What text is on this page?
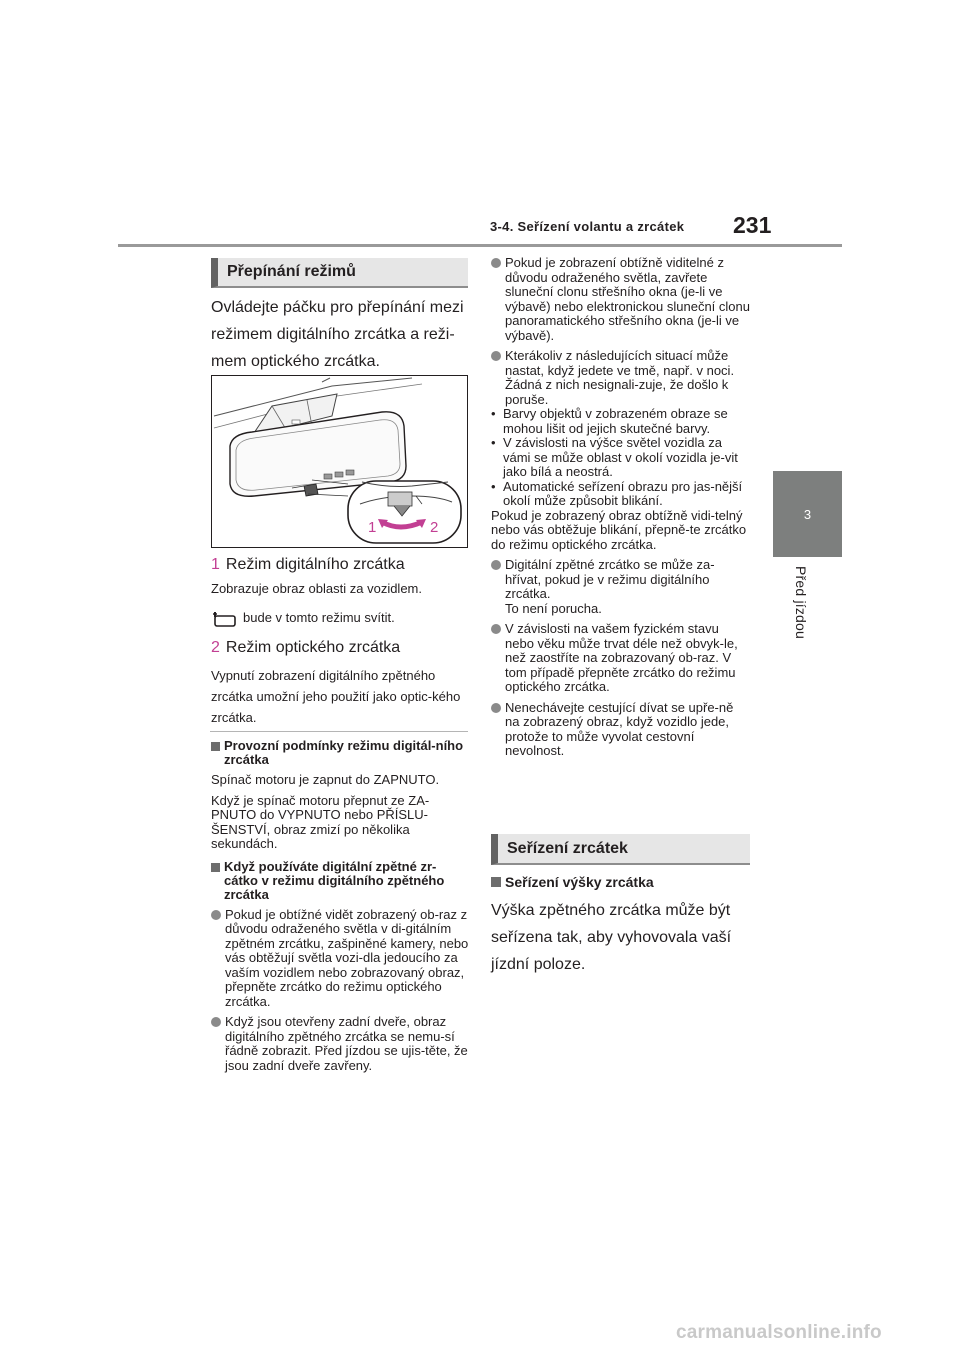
3-4. Seřízení volantu a zrcátek 231
3
Před jízdou
Přepínání režimů
Ovládejte páčku pro přepínání mezi režimem digitálního zrcátka a reži-mem optického zrcátka.
1	2
1 Režim digitálního zrcátka
Zobrazuje obraz oblasti za vozidlem.
bude v tomto režimu svítit.
2 Režim optického zrcátka
Vypnutí zobrazení digitálního zpětného zrcátka umožní jeho použití jako optic-kého zrcátka.
Provozní podmínky režimu digitál-ního zrcátka
Spínač motoru je zapnut do ZAPNUTO.
Když je spínač motoru přepnut ze ZA-PNUTO do VYPNUTO nebo PŘÍSLU-ŠENSTVÍ, obraz zmizí po několika sekundách.
Když používáte digitální zpětné zr-cátko v režimu digitálního zpětného zrcátka
Pokud je obtížné vidět zobrazený ob-raz z důvodu odraženého světla v di-gitálním zpětném zrcátku, zašpiněné kamery, nebo vás obtěžují světla vozi-dla jedoucího za vaším vozidlem nebo zobrazovaný obraz, přepněte zrcátko do režimu optického zrcátka.
Když jsou otevřeny zadní dveře, obraz digitálního zpětného zrcátka se nemu-sí řádně zobrazit. Před jízdou se ujis-těte, že jsou zadní dveře zavřeny.
Pokud je zobrazení obtížně viditelné z důvodu odraženého světla, zavřete sluneční clonu střešního okna (je-li ve výbavě) nebo elektronickou sluneční clonu panoramatického střešního okna (je-li ve výbavě).
Kterákoliv z následujících situací může nastat, když jedete ve tmě, např. v noci. Žádná z nich nesignali-zuje, že došlo k poruše.
• Barvy objektů v zobrazeném obraze se mohou lišit od jejich skutečné barvy.
• V závislosti na výšce světel vozidla za vámi se může oblast v okolí vozidla je-vit jako bílá a neostrá.
• Automatické seřízení obrazu pro jas-nější okolí může způsobit blikání.
Pokud je zobrazený obraz obtížně vidi-telný nebo vás obtěžuje blikání, přepně-te zrcátko do režimu optického zrcátka.
Digitální zpětné zrcátko se může za-hřívat, pokud je v režimu digitálního zrcátka.
To není porucha.
V závislosti na vašem fyzickém stavu nebo věku může trvat déle než obvyk-le, než zaostříte na zobrazovaný ob-raz. V tom případě přepněte zrcátko do režimu optického zrcátka.
Nenechávejte cestující dívat se upře-ně na zobrazený obraz, když vozidlo jede, protože to může vyvolat cestovní nevolnost.
Seřízení zrcátek
Seřízení výšky zrcátka
Výška zpětného zrcátka může být seřízena tak, aby vyhovovala vaší jízdní poloze.
carmanualsonline.info
